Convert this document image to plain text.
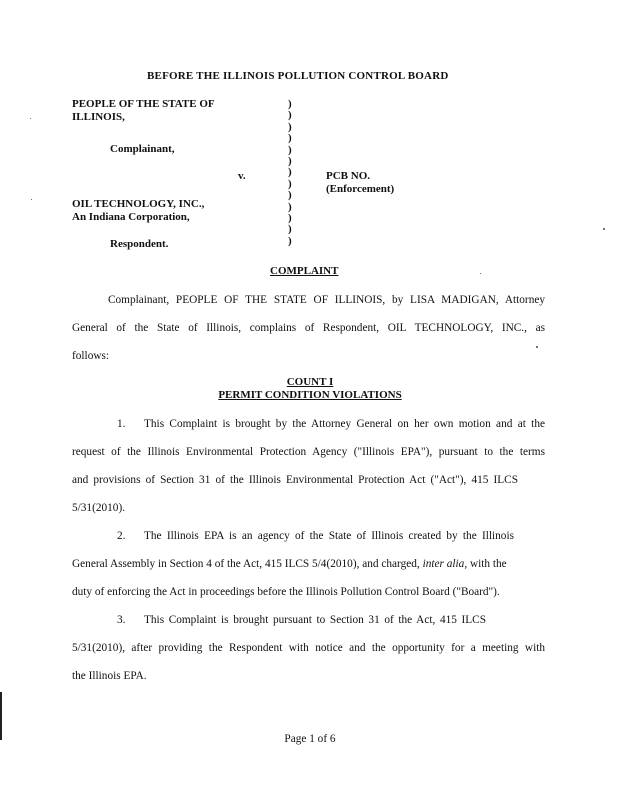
BEFORE THE ILLINOIS POLLUTION CONTROL BOARD
PEOPLE OF THE STATE OF
ILLINOIS,
Complainant,
v.
OIL TECHNOLOGY, INC.,
An Indiana Corporation,
Respondent.
)
)
)
)
)
)
)
)
)
)
)
)
)
PCB NO.
(Enforcement)
COMPLAINT
Complainant, PEOPLE OF THE STATE OF ILLINOIS, by LISA MADIGAN, Attorney
General of the State of Illinois, complains of Respondent, OIL TECHNOLOGY, INC., as
follows:
COUNT I
PERMIT CONDITION VIOLATIONS
1. This Complaint is brought by the Attorney General on her own motion and at the
request of the Illinois Environmental Protection Agency ("Illinois EPA"), pursuant to the terms
and provisions of Section 31 of the Illinois Environmental Protection Act ("Act"), 415 ILCS
5/31(2010).
2. The Illinois EPA is an agency of the State of Illinois created by the Illinois
General Assembly in Section 4 of the Act, 415 ILCS 5/4(2010), and charged, inter alia, with the
duty of enforcing the Act in proceedings before the Illinois Pollution Control Board ("Board").
3. This Complaint is brought pursuant to Section 31 of the Act, 415 ILCS
5/31(2010), after providing the Respondent with notice and the opportunity for a meeting with
the Illinois EPA.
Page 1 of 6
